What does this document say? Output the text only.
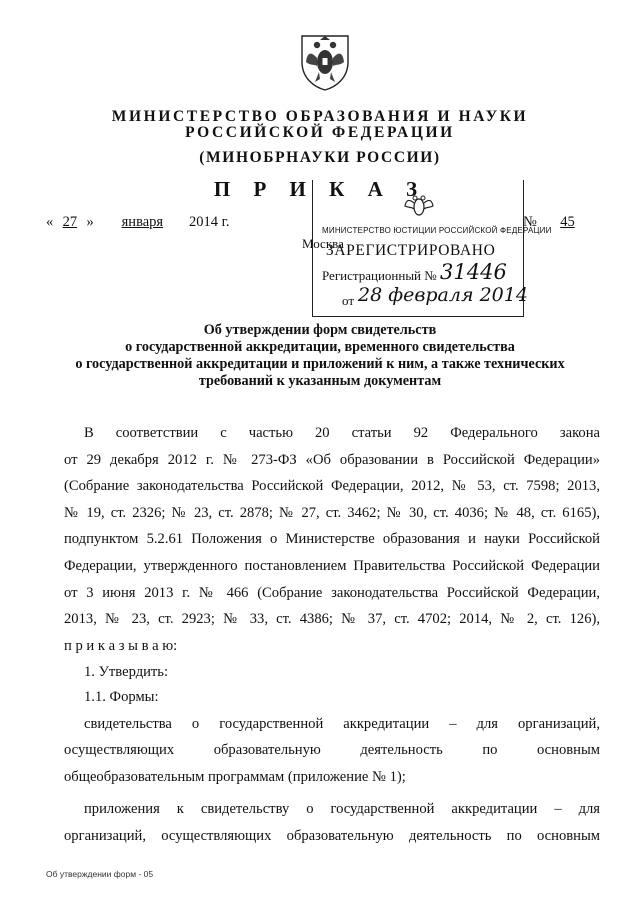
МИНИСТЕРСТВО ОБРАЗОВАНИЯ И НАУКИ
РОССИЙСКОЙ ФЕДЕРАЦИИ
(МИНОБРНАУКИ РОССИИ)
П Р И К А З
« 27 » января 2014 г.	№ 45
Москва
МИНИСТЕРСТВО ЮСТИЦИИ РОССИЙСКОЙ ФЕДЕРАЦИИ
ЗАРЕГИСТРИРОВАНО
Регистрационный № 31446
от 28 февраля 2014
Об утверждении форм свидетельств
о государственной аккредитации, временного свидетельства
о государственной аккредитации и приложений к ним, а также технических
требований к указанным документам
В соответствии с частью 20 статьи 92 Федерального закона
от 29 декабря 2012 г. № 273-ФЗ «Об образовании в Российской Федерации»
(Собрание законодательства Российской Федерации, 2012, № 53, ст. 7598; 2013,
№ 19, ст. 2326; № 23, ст. 2878; № 27, ст. 3462; № 30, ст. 4036; № 48, ст. 6165),
подпунктом 5.2.61 Положения о Министерстве образования и науки Российской
Федерации, утвержденного постановлением Правительства Российской Федерации
от 3 июня 2013 г. № 466 (Собрание законодательства Российской Федерации,
2013, № 23, ст. 2923; № 33, ст. 4386; № 37, ст. 4702; 2014, № 2, ст. 126),
п р и к а з ы в а ю:
1. Утвердить:
1.1. Формы:
свидетельства о государственной аккредитации – для организаций,
осуществляющих образовательную деятельность по основным
общеобразовательным программам (приложение № 1);
приложения к свидетельству о государственной аккредитации – для
организаций, осуществляющих образовательную деятельность по основным
Об утверждении форм - 05
